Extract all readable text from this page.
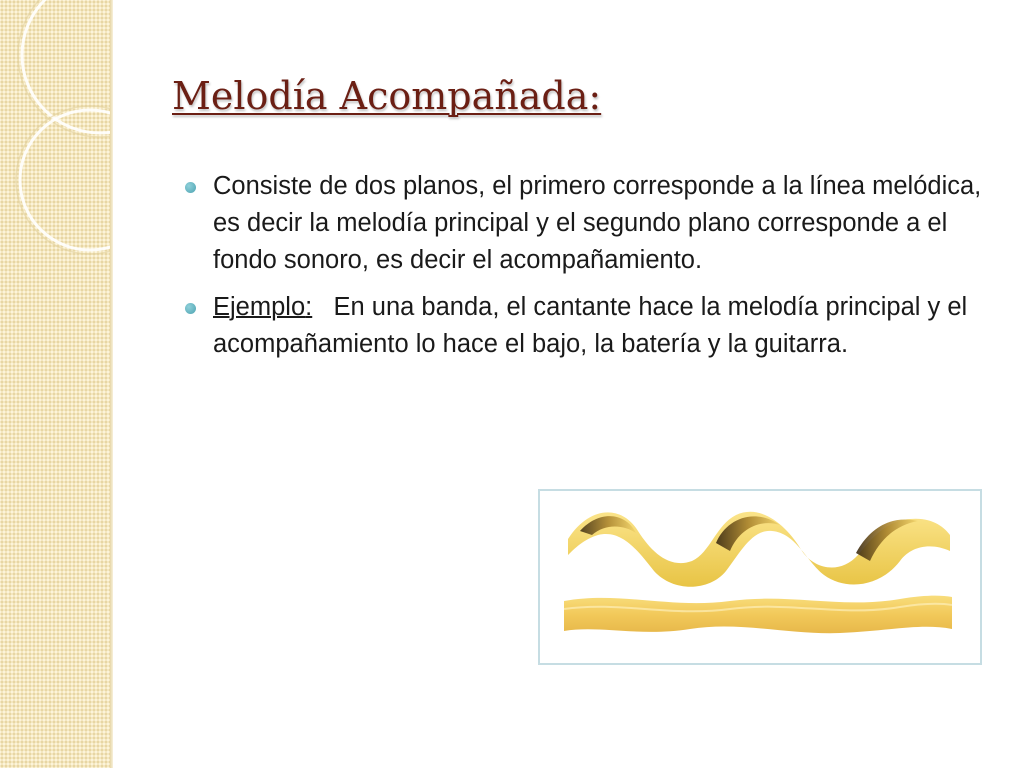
Melodía Acompañada:
Consiste de dos planos, el primero corresponde a la línea melódica, es decir la melodía principal y el segundo plano corresponde a el fondo sonoro, es decir el acompañamiento.
Ejemplo: En una banda, el cantante hace la melodía principal y el acompañamiento lo hace el bajo, la batería y la guitarra.
